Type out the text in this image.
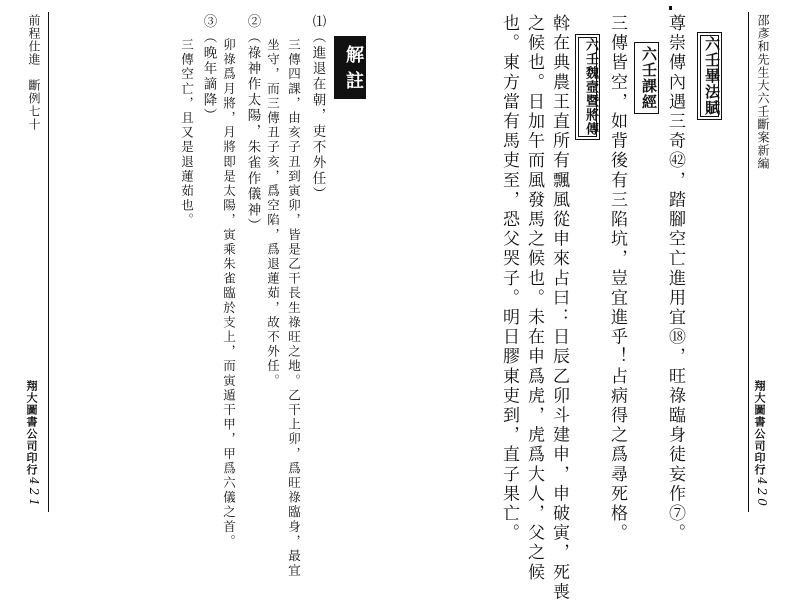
邵彥和先生大六壬斷案新編
六壬畢法賦
尊崇傳內遇三奇㊷，踏腳空亡進用宜⑱，旺祿臨身徒妄作⑦。
六壬課經
三傳皆空，如背後有三陷坑，豈宜進乎！占病得之爲尋死格。
六壬魏壼暨將傳
斡在典農王直所有飄風從申來占曰：日辰乙卯斗建申，申破寅，死喪
之候也。日加午而風發馬之候也。未在申爲虎，虎爲大人，父之候
也。東方當有馬吏至，恐父哭子。明日膠東吏到，直子果亡。	翔大圖書公司印行
・420
前程仕進　斷例七十	解 註
⑴（進退在朝，吏不外任）
三傳四課，由亥子丑到寅卯，皆是乙干長生祿旺之地。乙干上卯，爲旺祿臨身，最宜
坐守，而三傳丑子亥，爲空陷，爲退蓮茹，故不外任。
②（祿神作太陽，朱雀作儀神）
卯祿爲月將，月將即是太陽，寅乘朱雀臨於支上，而寅遁干甲，甲爲六儀之首。
③（晚年謫降）
三傳空亡，且又是退蓮茹也。
翔大圖書公司印行
・421
